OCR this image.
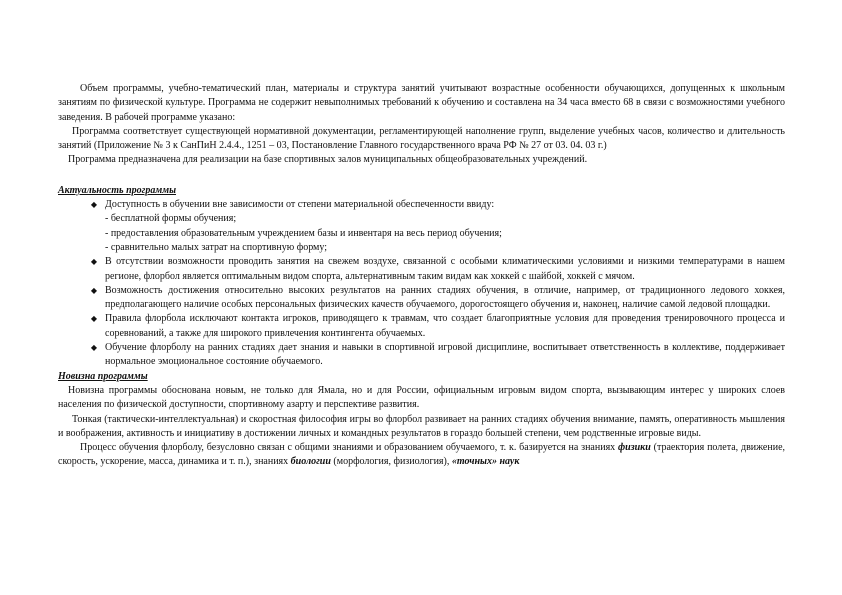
Объем программы, учебно-тематический план, материалы и структура занятий учитывают возрастные особенности обучающихся, допущенных к школьным занятиям по физической культуре. Программа не содержит невыполнимых требований к обучению и составлена на 34 часа вместо 68 в связи с возможностями учебного заведения. В рабочей программе указано:

Программа соответствует существующей нормативной документации, регламентирующей наполнение групп, выделение учебных часов, количество и длительность занятий (Приложение № 3 к СанПиН 2.4.4., 1251 – 03, Постановление Главного государственного врача РФ № 27 от 03. 04. 03 г.)

Программа предназначена для реализации на базе спортивных залов муниципальных общеобразовательных учреждений.

Актуальность программы

◆ Доступность в обучении вне зависимости от степени материальной обеспеченности ввиду:
- бесплатной формы обучения;
- предоставления образовательным учреждением базы и инвентаря на весь период обучения;
- сравнительно малых затрат на спортивную форму;
◆ В отсутствии возможности проводить занятия на свежем воздухе, связанной с особыми климатическими условиями и низкими температурами в нашем регионе, флорбол является оптимальным видом спорта, альтернативным таким видам как хоккей с шайбой, хоккей с мячом.
◆ Возможность достижения относительно высоких результатов на ранних стадиях обучения, в отличие, например, от традиционного ледового хоккея, предполагающего наличие особых персональных физических качеств обучаемого, дорогостоящего обучения и, наконец, наличие самой ледовой площадки.
◆ Правила флорбола исключают контакта игроков, приводящего к травмам, что создает благоприятные условия для проведения тренировочного процесса и соревнований, а также для широкого привлечения контингента обучаемых.
◆ Обучение флорболу на ранних стадиях дает знания и навыки в спортивной игровой дисциплине, воспитывает ответственность в коллективе, поддерживает нормальное эмоциональное состояние обучаемого.

Новизна программы

Новизна программы обоснована новым, не только для Ямала, но и для России, официальным игровым видом спорта, вызывающим интерес у широких слоев населения по физической доступности, спортивному азарту и перспективе развития.

Тонкая (тактически-интеллектуальная) и скоростная философия игры во флорбол развивает на ранних стадиях обучения внимание, память, оперативность мышления и воображения, активность и инициативу в достижении личных и командных результатов в гораздо большей степени, чем родственные игровые виды.

Процесс обучения флорболу, безусловно связан с общими знаниями и образованием обучаемого, т. к. базируется на знаниях физики (траектория полета, движение, скорость, ускорение, масса, динамика и т. п.), знаниях биологии (морфология, физиология), «точных» наук
